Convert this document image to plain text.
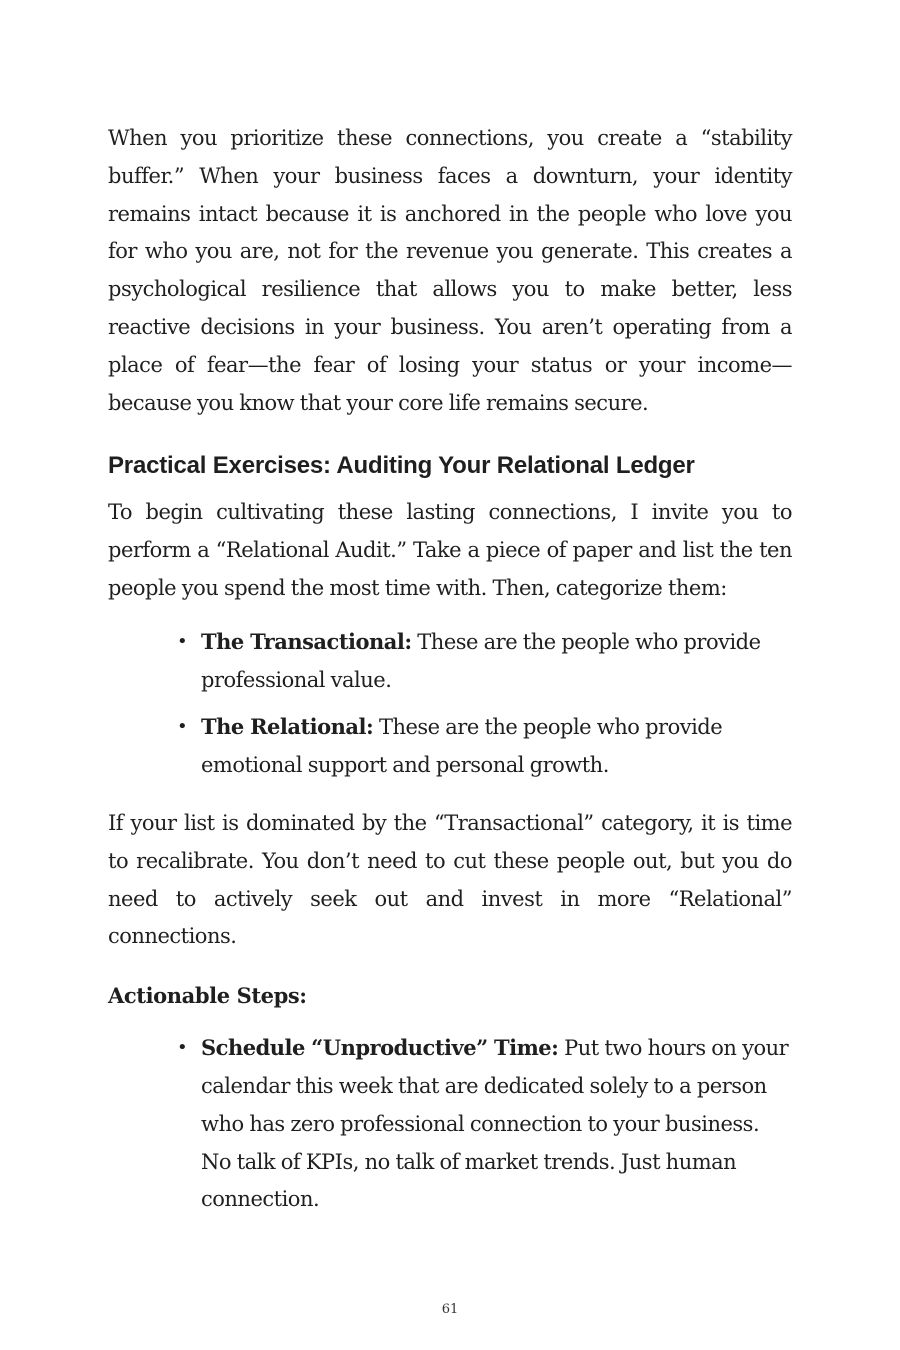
When you prioritize these connections, you create a “stability buffer.” When your business faces a downturn, your identity remains intact because it is anchored in the people who love you for who you are, not for the revenue you generate. This creates a psychological resilience that allows you to make better, less reactive decisions in your business. You aren’t operating from a place of fear—the fear of losing your status or your income—because you know that your core life remains secure.

Practical Exercises: Auditing Your Relational Ledger

To begin cultivating these lasting connections, I invite you to perform a “Relational Audit.” Take a piece of paper and list the ten people you spend the most time with. Then, categorize them:

• The Transactional: These are the people who provide professional value.
• The Relational: These are the people who provide emotional support and personal growth.

If your list is dominated by the “Transactional” category, it is time to recalibrate. You don’t need to cut these people out, but you do need to actively seek out and invest in more “Relational” connections.

Actionable Steps:
• Schedule “Unproductive” Time: Put two hours on your calendar this week that are dedicated solely to a person who has zero professional connection to your business. No talk of KPIs, no talk of market trends. Just human connection.
61
